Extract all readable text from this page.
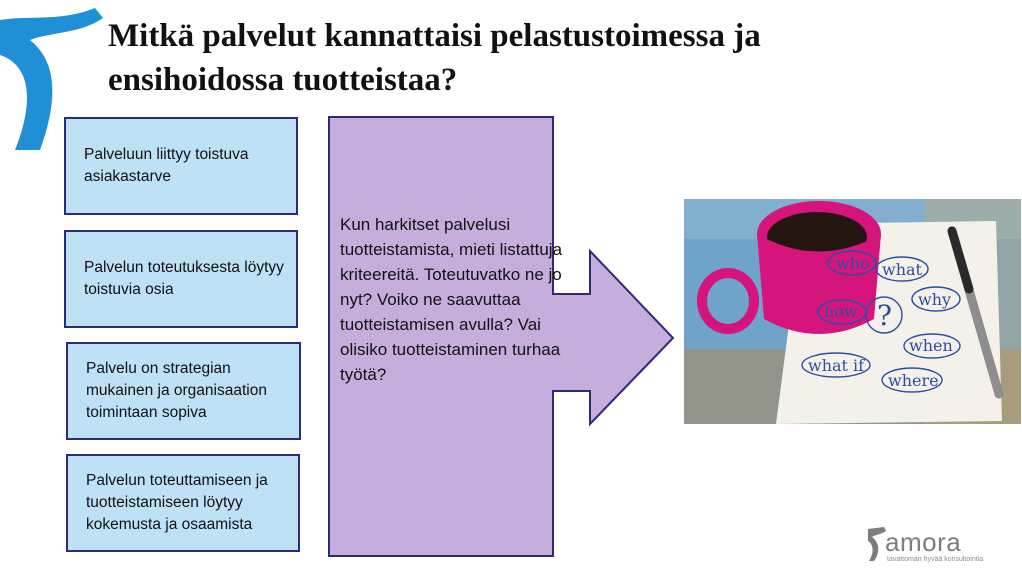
Mitkä palvelut kannattaisi pelastustoimessa ja ensihoidossa tuotteistaa?
Palveluun liittyy toistuva asiakastarve
Palvelun toteutuksesta löytyy toistuvia osia
Palvelu on strategian mukainen ja organisaation toimintaan sopiva
Palvelun toteuttamiseen ja tuotteistamiseen löytyy kokemusta ja osaamista
Kun harkitset palvelusi tuotteistamista, mieti listattuja kriteereitä. Toteutuvatko ne jo nyt? Voiko ne saavuttaa tuotteistamisen avulla? Vai olisiko tuotteistaminen turhaa työtä?
who what
how
why
what if
when
where
?
amora
tavattoman hyvää konsultointia
